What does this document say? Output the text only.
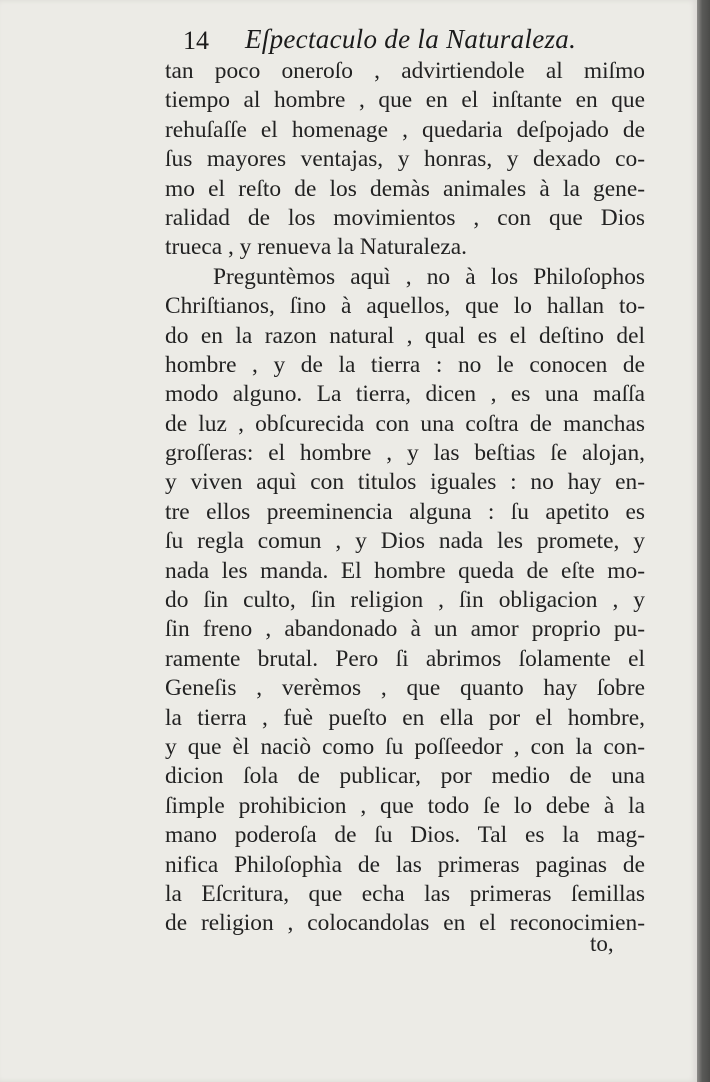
14 Eſpectaculo de la Naturaleza.
tan poco oneroſo , advirtiendole al miſmo
tiempo al hombre , que en el inſtante en que
rehuſaſſe el homenage , quedaria deſpojado de
ſus mayores ventajas, y honras, y dexado co-
mo el reſto de los demàs animales à la gene-
ralidad de los movimientos , con que Dios
trueca , y renueva la Naturaleza.
Preguntèmos aquì , no à los Philoſophos
Chriſtianos, ſino à aquellos, que lo hallan to-
do en la razon natural , qual es el deſtino del
hombre , y de la tierra : no le conocen de
modo alguno. La tierra, dicen , es una maſſa
de luz , obſcurecida con una coſtra de manchas
groſſeras: el hombre , y las beſtias ſe alojan,
y viven aquì con titulos iguales : no hay en-
tre ellos preeminencia alguna : ſu apetito es
ſu regla comun , y Dios nada les promete, y
nada les manda. El hombre queda de eſte mo-
do ſin culto, ſin religion , ſin obligacion , y
ſin freno , abandonado à un amor proprio pu-
ramente brutal. Pero ſi abrimos ſolamente el
Geneſis , verèmos , que quanto hay ſobre
la tierra , fuè pueſto en ella por el hombre,
y que èl naciò como ſu poſſeedor , con la con-
dicion ſola de publicar, por medio de una
ſimple prohibicion , que todo ſe lo debe à la
mano poderoſa de ſu Dios. Tal es la mag-
nifica Philoſophìa de las primeras paginas de
la Eſcritura, que echa las primeras ſemillas
de religion , colocandolas en el reconocimien-
to,
